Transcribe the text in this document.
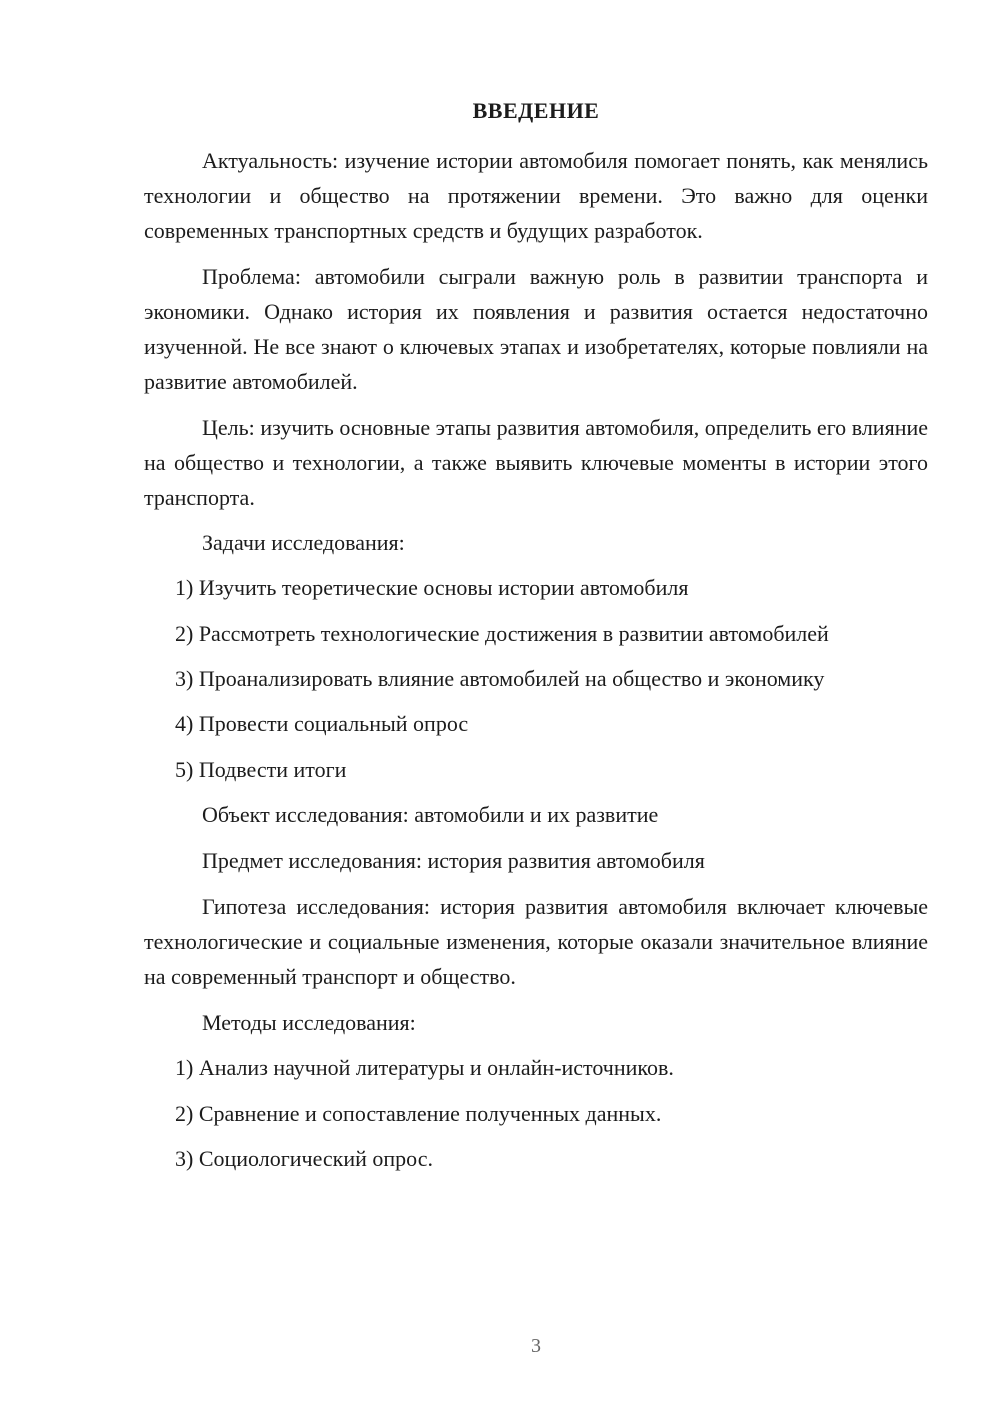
ВВЕДЕНИЕ

Актуальность: изучение истории автомобиля помогает понять, как менялись технологии и общество на протяжении времени. Это важно для оценки современных транспортных средств и будущих разработок.

Проблема: автомобили сыграли важную роль в развитии транспорта и экономики. Однако история их появления и развития остается недостаточно изученной. Не все знают о ключевых этапах и изобретателях, которые повлияли на развитие автомобилей.

Цель: изучить основные этапы развития автомобиля, определить его влияние на общество и технологии, а также выявить ключевые моменты в истории этого транспорта.

Задачи исследования:
1) Изучить теоретические основы истории автомобиля
2) Рассмотреть технологические достижения в развитии автомобилей
3) Проанализировать влияние автомобилей на общество и экономику
4) Провести социальный опрос
5) Подвести итоги
Объект исследования: автомобили и их развитие
Предмет исследования: история развития автомобиля

Гипотеза исследования: история развития автомобиля включает ключевые технологические и социальные изменения, которые оказали значительное влияние на современный транспорт и общество.

Методы исследования:
1) Анализ научной литературы и онлайн-источников.
2) Сравнение и сопоставление полученных данных.
3) Социологический опрос.
3
